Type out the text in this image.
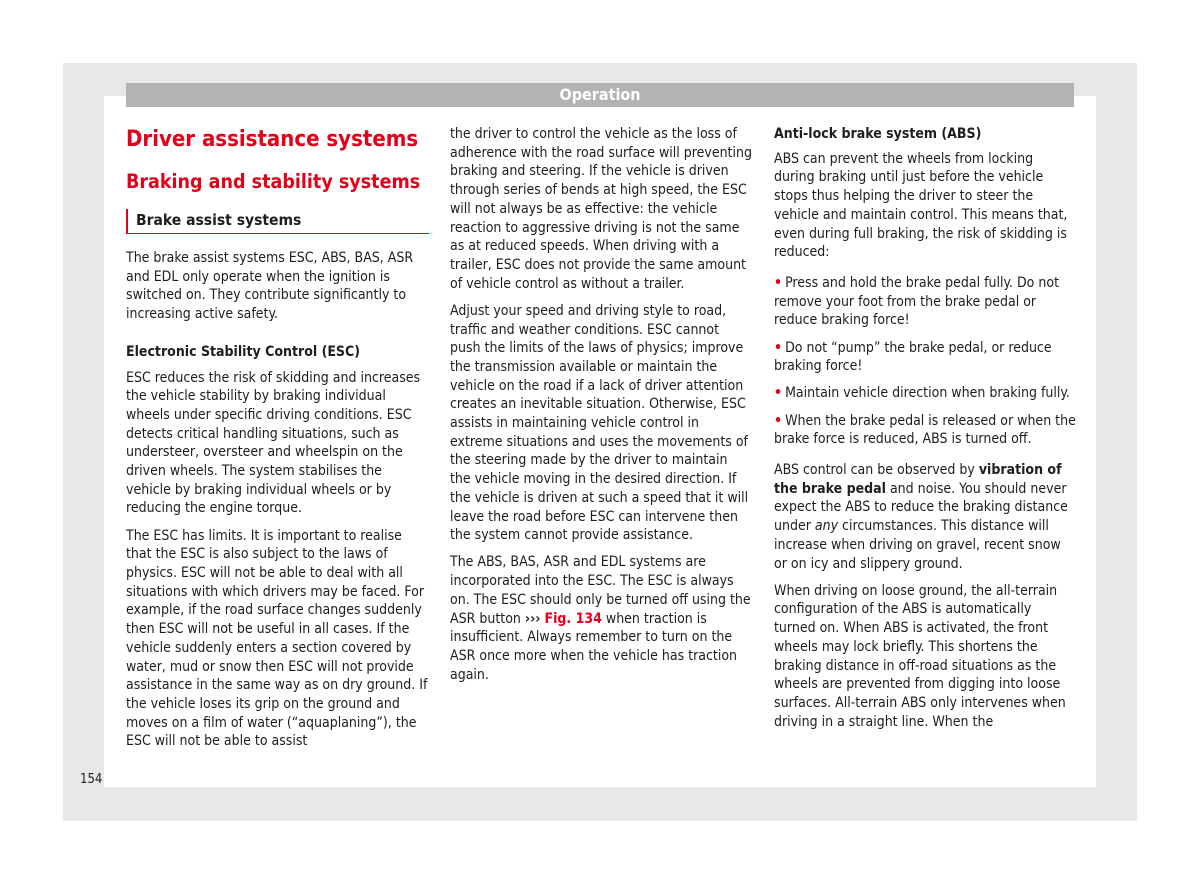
Operation
Driver assistance systems
Braking and stability systems
Brake assist systems

The brake assist systems ESC, ABS, BAS, ASR and EDL only operate when the ignition is switched on. They contribute significantly to increasing active safety.

Electronic Stability Control (ESC)

ESC reduces the risk of skidding and increases the vehicle stability by braking individual wheels under specific driving conditions. ESC detects critical handling situations, such as understeer, oversteer and wheelspin on the driven wheels. The system stabilises the vehicle by braking individual wheels or by reducing the engine torque.

The ESC has limits. It is important to realise that the ESC is also subject to the laws of physics. ESC will not be able to deal with all situations with which drivers may be faced. For example, if the road surface changes suddenly then ESC will not be useful in all cases. If the vehicle suddenly enters a section covered by water, mud or snow then ESC will not provide assistance in the same way as on dry ground. If the vehicle loses its grip on the ground and moves on a film of water (“aquaplaning”), the ESC will not be able to assist

the driver to control the vehicle as the loss of adherence with the road surface will preventing braking and steering. If the vehicle is driven through series of bends at high speed, the ESC will not always be as effective: the vehicle reaction to aggressive driving is not the same as at reduced speeds. When driving with a trailer, ESC does not provide the same amount of vehicle control as without a trailer.

Adjust your speed and driving style to road, traffic and weather conditions. ESC cannot push the limits of the laws of physics; improve the transmission available or maintain the vehicle on the road if a lack of driver attention creates an inevitable situation. Otherwise, ESC assists in maintaining vehicle control in extreme situations and uses the movements of the steering made by the driver to maintain the vehicle moving in the desired direction. If the vehicle is driven at such a speed that it will leave the road before ESC can intervene then the system cannot provide assistance.

The ABS, BAS, ASR and EDL systems are incorporated into the ESC. The ESC is always on. The ESC should only be turned off using the ASR button ››› Fig. 134 when traction is insufficient. Always remember to turn on the ASR once more when the vehicle has traction again.

Anti-lock brake system (ABS)

ABS can prevent the wheels from locking during braking until just before the vehicle stops thus helping the driver to steer the vehicle and maintain control. This means that, even during full braking, the risk of skidding is reduced:

• Press and hold the brake pedal fully. Do not remove your foot from the brake pedal or reduce braking force!

• Do not “pump” the brake pedal, or reduce braking force!

• Maintain vehicle direction when braking fully.

• When the brake pedal is released or when the brake force is reduced, ABS is turned off.

ABS control can be observed by vibration of the brake pedal and noise. You should never expect the ABS to reduce the braking distance under any circumstances. This distance will increase when driving on gravel, recent snow or on icy and slippery ground.

When driving on loose ground, the all-terrain configuration of the ABS is automatically turned on. When ABS is activated, the front wheels may lock briefly. This shortens the braking distance in off-road situations as the wheels are prevented from digging into loose surfaces. All-terrain ABS only intervenes when driving in a straight line. When the

154
